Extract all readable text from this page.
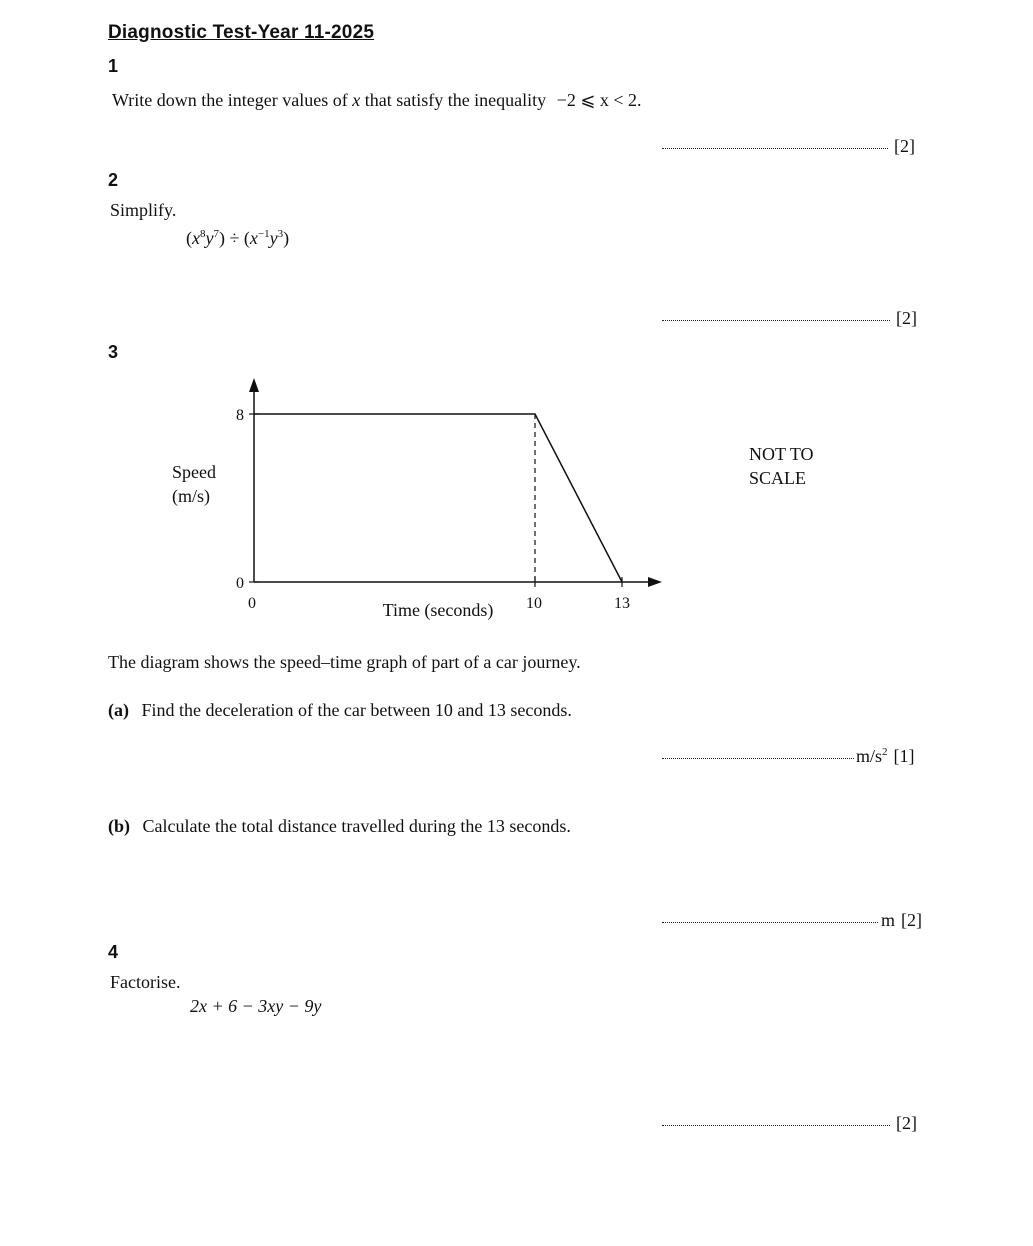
Diagnostic Test-Year 11-2025
1
Write down the integer values of x that satisfy the inequality −2 ⩽ x < 2.
[2]
2
Simplify.
$(x^8y^7) \div (x^{-1}y^3)$
[2]
3
8
0
0	10	13
Time (seconds)
Speed
(m/s)
NOT TO
SCALE
The diagram shows the speed–time graph of part of a car journey.
(a) Find the deceleration of the car between 10 and 13 seconds.
$m/s^2$ [1]
(b) Calculate the total distance travelled during the 13 seconds.
m [2]
4
Factorise.
2x + 6 − 3xy − 9y
[2]
